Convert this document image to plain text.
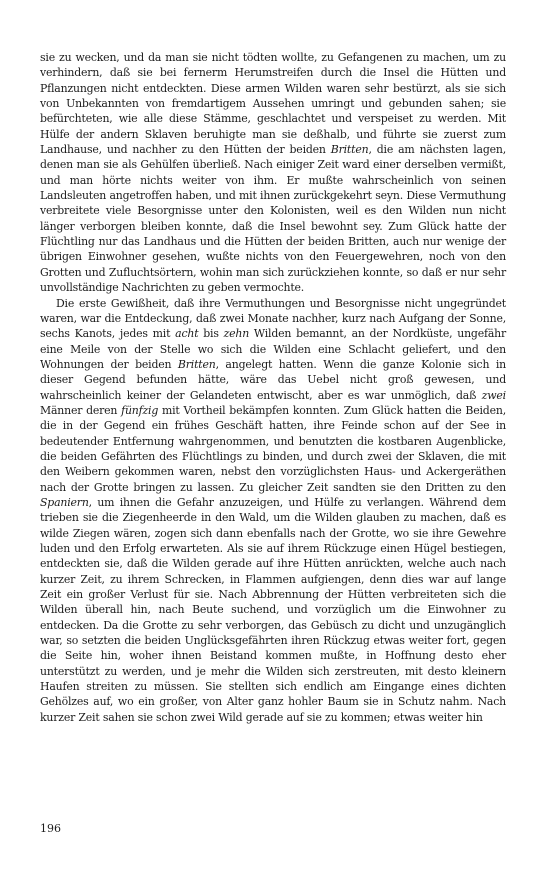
sie zu wecken, und da man sie nicht tödten wollte, zu Gefangenen zu machen, um zu verhindern, daß sie bei fernerm Herumstreifen durch die Insel die Hütten und Pflanzungen nicht entdeckten. Diese armen Wilden waren sehr bestürzt, als sie sich von Unbekannten von fremdartigem Aussehen umringt und gebunden sahen; sie befürchteten, wie alle diese Stämme, geschlachtet und verspeiset zu werden. Mit Hülfe der andern Sklaven beruhigte man sie deßhalb, und führte sie zuerst zum Landhause, und nachher zu den Hütten der beiden Britten, die am nächsten lagen, denen man sie als Gehülfen überließ. Nach einiger Zeit ward einer derselben vermißt, und man hörte nichts weiter von ihm. Er mußte wahrscheinlich von seinen Landsleuten angetroffen haben, und mit ihnen zurückgekehrt seyn. Diese Vermuthung verbreitete viele Besorgnisse unter den Kolonisten, weil es den Wilden nun nicht länger verborgen bleiben konnte, daß die Insel bewohnt sey. Zum Glück hatte der Flüchtling nur das Landhaus und die Hütten der beiden Britten, auch nur wenige der übrigen Einwohner gesehen, wußte nichts von den Feuergewehren, noch von den Grotten und Zufluchtsörtern, wohin man sich zurückziehen konnte, so daß er nur sehr unvollständige Nachrichten zu geben vermochte.

Die erste Gewißheit, daß ihre Vermuthungen und Besorgnisse nicht ungegründet waren, war die Entdeckung, daß zwei Monate nachher, kurz nach Aufgang der Sonne, sechs Kanots, jedes mit acht bis zehn Wilden bemannt, an der Nordküste, ungefähr eine Meile von der Stelle wo sich die Wilden eine Schlacht geliefert, und den Wohnungen der beiden Britten, angelegt hatten. Wenn die ganze Kolonie sich in dieser Gegend befunden hätte, wäre das Uebel nicht groß gewesen, und wahrscheinlich keiner der Gelandeten entwischt, aber es war unmöglich, daß zwei Männer deren fünfzig mit Vortheil bekämpfen konnten. Zum Glück hatten die Beiden, die in der Gegend ein frühes Geschäft hatten, ihre Feinde schon auf der See in bedeutender Entfernung wahrgenommen, und benutzten die kostbaren Augenblicke, die beiden Gefährten des Flüchtlings zu binden, und durch zwei der Sklaven, die mit den Weibern gekommen waren, nebst den vorzüglichsten Haus- und Ackergeräthen nach der Grotte bringen zu lassen. Zu gleicher Zeit sandten sie den Dritten zu den Spaniern, um ihnen die Gefahr anzuzeigen, und Hülfe zu verlangen. Während dem trieben sie die Ziegenheerde in den Wald, um die Wilden glauben zu machen, daß es wilde Ziegen wären, zogen sich dann ebenfalls nach der Grotte, wo sie ihre Gewehre luden und den Erfolg erwarteten. Als sie auf ihrem Rückzuge einen Hügel bestiegen, entdeckten sie, daß die Wilden gerade auf ihre Hütten anrückten, welche auch nach kurzer Zeit, zu ihrem Schrecken, in Flammen aufgiengen, denn dies war auf lange Zeit ein großer Verlust für sie. Nach Abbrennung der Hütten verbreiteten sich die Wilden überall hin, nach Beute suchend, und vorzüglich um die Einwohner zu entdecken. Da die Grotte zu sehr verborgen, das Gebüsch zu dicht und unzugänglich war, so setzten die beiden Unglücksgefährten ihren Rückzug etwas weiter fort, gegen die Seite hin, woher ihnen Beistand kommen mußte, in Hoffnung desto eher unterstützt zu werden, und je mehr die Wilden sich zerstreuten, mit desto kleinern Haufen streiten zu müssen. Sie stellten sich endlich am Eingange eines dichten Gehölzes auf, wo ein großer, von Alter ganz hohler Baum sie in Schutz nahm. Nach kurzer Zeit sahen sie schon zwei Wild gerade auf sie zu kommen; etwas weiter hin

196
